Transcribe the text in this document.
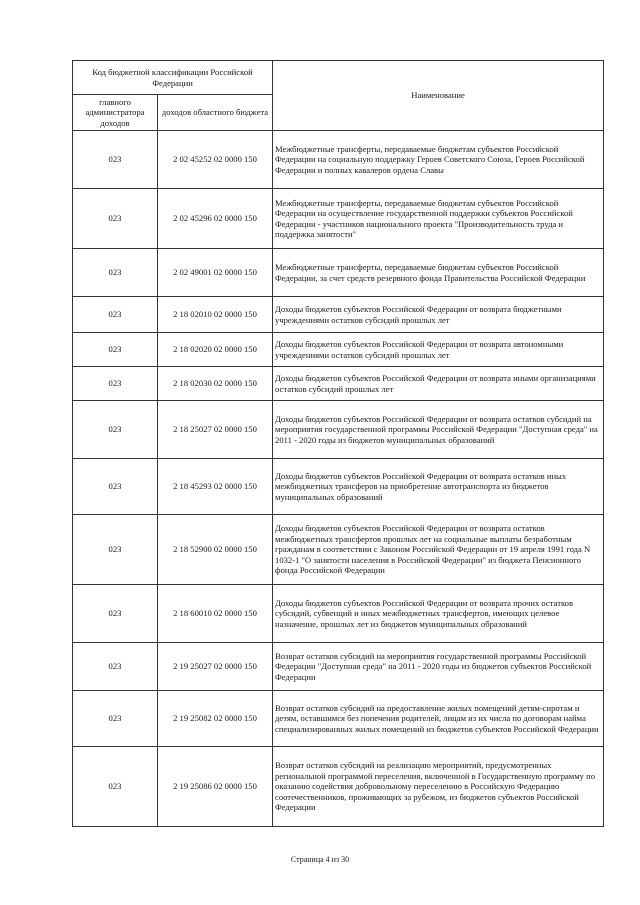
Код бюджетной классификации Российской Федерации		Наименование
главного администратора доходов	доходов областного бюджета	
023	2 02 45252 02 0000 150	Межбюджетные трансферты, передаваемые бюджетам субъектов Российской Федерации на социальную поддержку Героев Советского Союза, Героев Российской Федерации и полных кавалеров ордена Славы
023	2 02 45296 02 0000 150	Межбюджетные трансферты, передаваемые бюджетам субъектов Российской Федерации на осуществление государственной поддержки субъектов Российской Федерации - участников национального проекта "Производительность труда и поддержка занятости"
023	2 02 49001 02 0000 150	Межбюджетные трансферты, передаваемые бюджетам субъектов Российской Федерации, за счет средств резервного фонда Правительства Российской Федерации
023	2 18 02010 02 0000 150	Доходы бюджетов субъектов Российской Федерации от возврата бюджетными учреждениями остатков субсидий прошлых лет
023	2 18 02020 02 0000 150	Доходы бюджетов субъектов Российской Федерации от возврата автономными учреждениями остатков субсидий прошлых лет
023	2 18 02030 02 0000 150	Доходы бюджетов субъектов Российской Федерации от возврата иными организациями остатков субсидий прошлых лет
023	2 18 25027 02 0000 150	Доходы бюджетов субъектов Российской Федерации от возврата остатков субсидий на мероприятия государственной программы Российской Федерации "Доступная среда" на 2011 - 2020 годы из бюджетов муниципальных образований
023	2 18 45293 02 0000 150	Доходы бюджетов субъектов Российской Федерации от возврата остатков иных межбюджетных трансферов на приобретение автотранспорта из бюджетов муниципальных образований
023	2 18 52900 02 0000 150	Доходы бюджетов субъектов Российской Федерации от возврата остатков межбюджетных трансфертов прошлых лет на социальные выплаты безработным гражданам в соответствии с Законом Российской Федерации от 19 апреля 1991 года N 1032-1 "О занятости населения в Российской Федерации" из бюджета Пенсионного фонда Российской Федерации
023	2 18 60010 02 0000 150	Доходы бюджетов субъектов Российской Федерации от возврата прочих остатков субсидий, субвенций и иных межбюджетных трансфертов, имеющих целевое назначение, прошлых лет из бюджетов муниципальных образований
023	2 19 25027 02 0000 150	Возврат остатков субсидий на мероприятия государственной программы Российской Федерации "Доступная среда" на 2011 - 2020 годы из бюджетов субъектов Российской Федерации
023	2 19 25082 02 0000 150	Возврат остатков субсидий на предоставление жилых помещений детям-сиротам и детям, оставшимся без попечения родителей, лицам из их числа по договорам найма специализированных жилых помещений из бюджетов субъектов Российской Федерации
023	2 19 25086 02 0000 150	Возврат остатков субсидий на реализацию мероприятий, предусмотренных региональной программой переселения, включенной в Государственную программу по оказанию содействия добровольному переселению в Российскую Федерацию соотечественников, проживающих за рубежом, из бюджетов субъектов Российской Федерации
Страница 4 из 30
